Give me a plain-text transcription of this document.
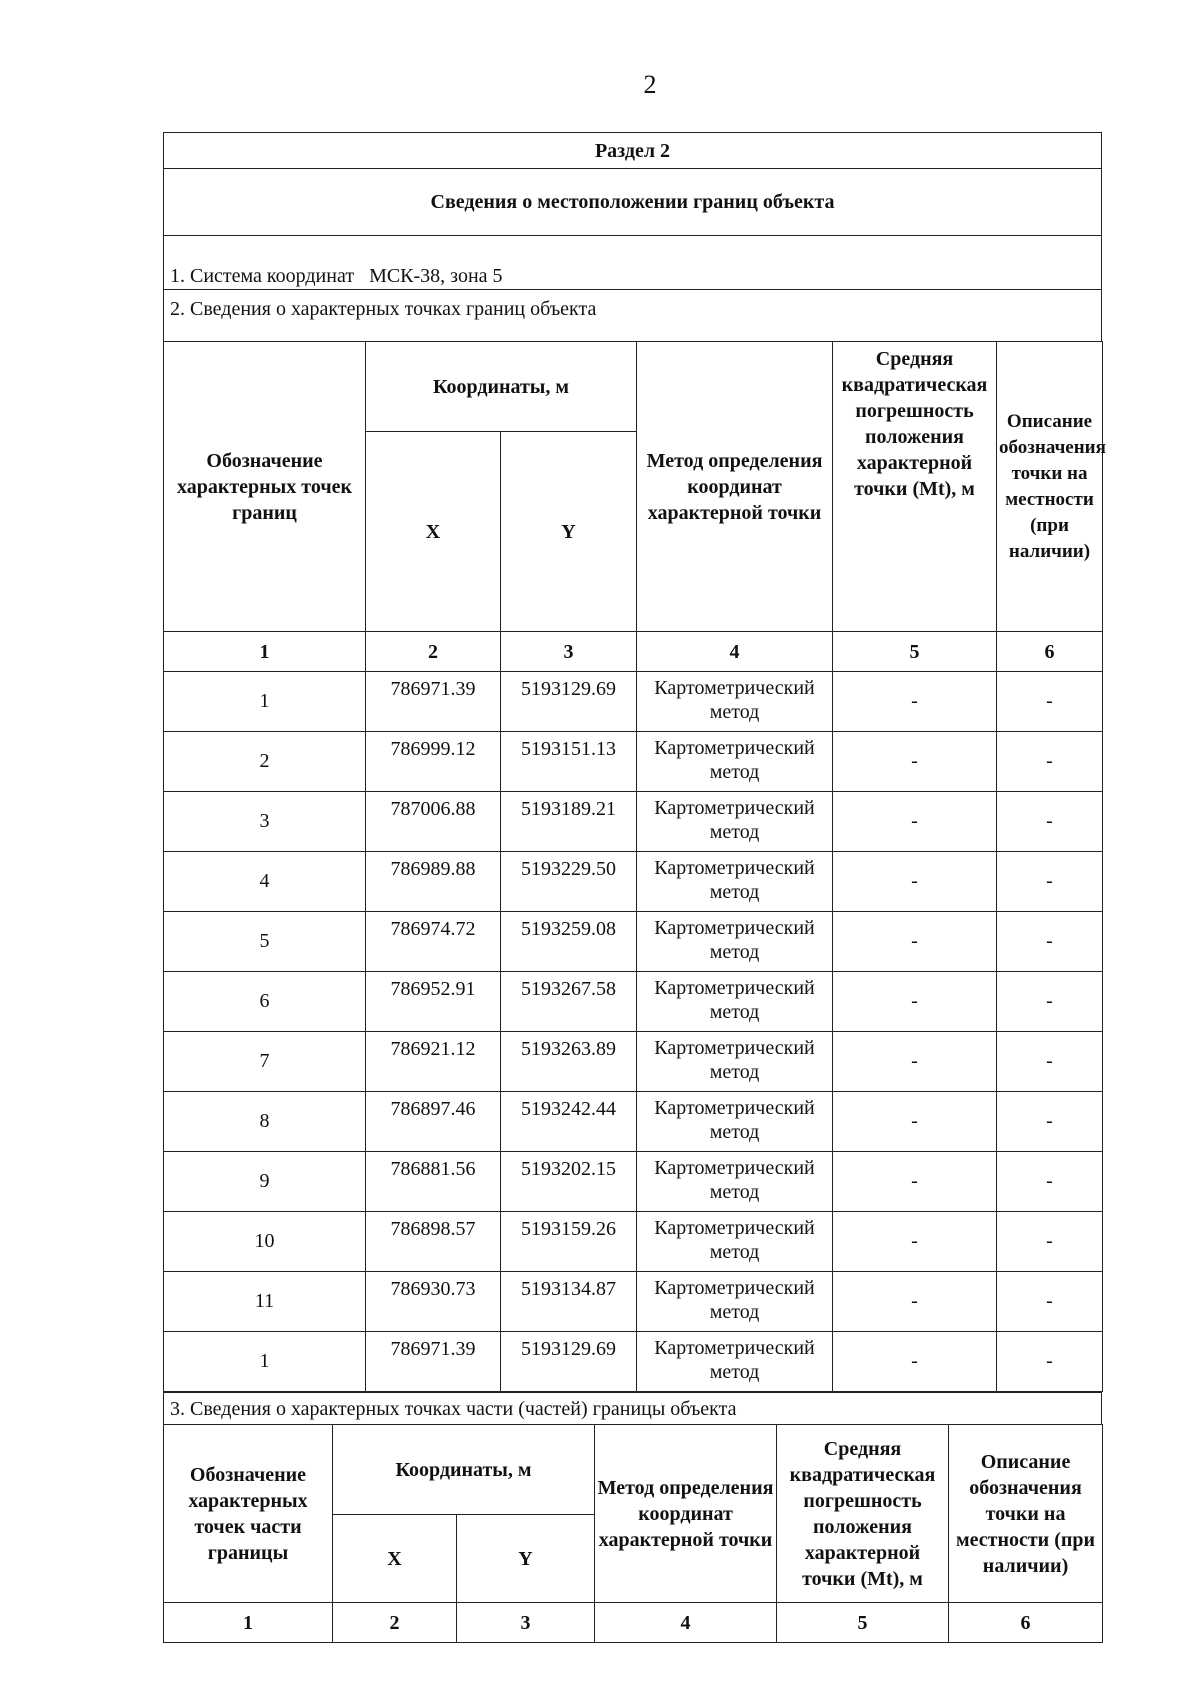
2
Раздел 2
Сведения о местоположении границ объекта
1. Система координат МСК-38, зона 5
2. Сведения о характерных точках границ объекта
Обозначение характерных точек границ	Координаты, м		Метод определения координат характерной точки	Средняя квадратическая погрешность положения характерной точки (Mt), м	Описание обозначения точки на местности (при наличии)
	X	Y			
1	2	3	4	5	6
1	786971.39	5193129.69	Картометрический метод	-	-
2	786999.12	5193151.13	Картометрический метод	-	-
3	787006.88	5193189.21	Картометрический метод	-	-
4	786989.88	5193229.50	Картометрический метод	-	-
5	786974.72	5193259.08	Картометрический метод	-	-
6	786952.91	5193267.58	Картометрический метод	-	-
7	786921.12	5193263.89	Картометрический метод	-	-
8	786897.46	5193242.44	Картометрический метод	-	-
9	786881.56	5193202.15	Картометрический метод	-	-
10	786898.57	5193159.26	Картометрический метод	-	-
11	786930.73	5193134.87	Картометрический метод	-	-
1	786971.39	5193129.69	Картометрический метод	-	-
3. Сведения о характерных точках части (частей) границы объекта
Обозначение характерных точек части границы	Координаты, м		Метод определения координат характерной точки	Средняя квадратическая погрешность положения характерной точки (Mt), м	Описание обозначения точки на местности (при наличии)
	X	Y			
1	2	3	4	5	6
